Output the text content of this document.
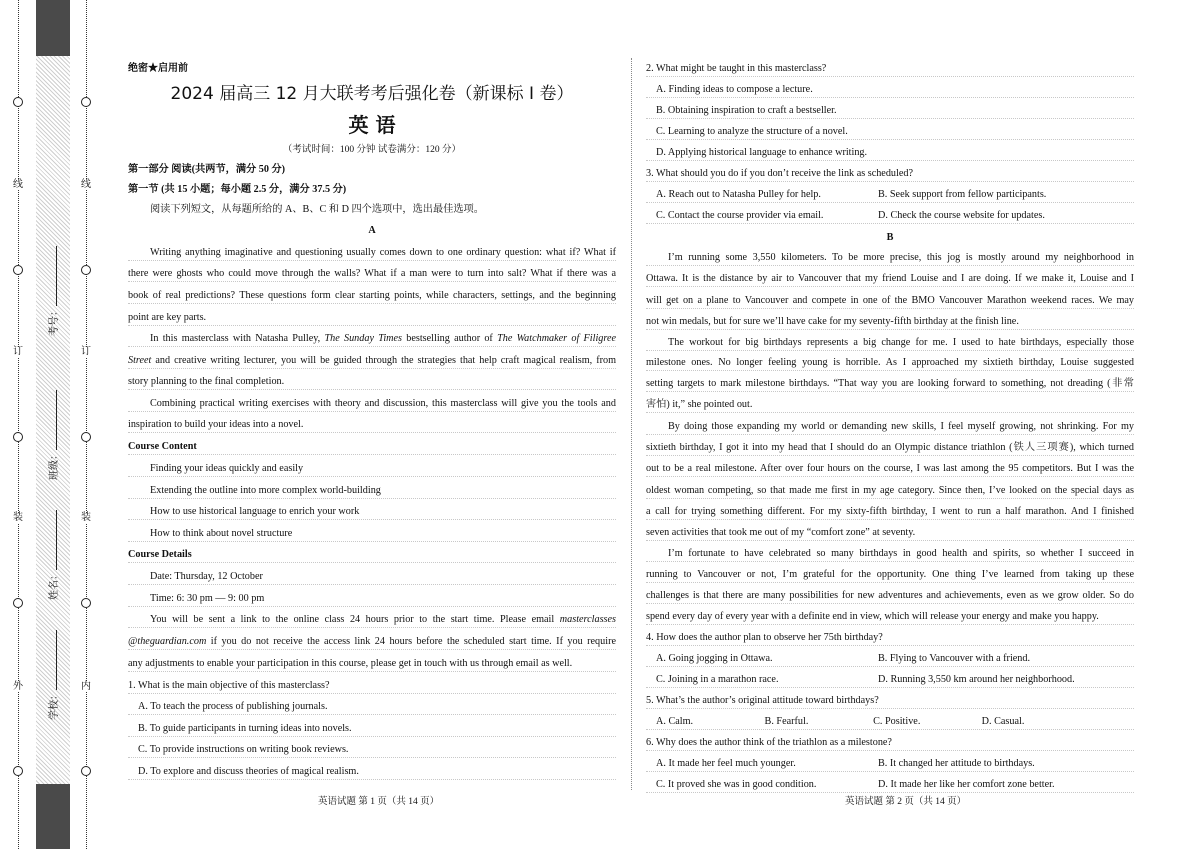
线
订
装
外
线
订
装
内
考号：
班级：
姓名：
学校：
绝密★启用前
2024 届高三 12 月大联考考后强化卷（新课标 I 卷）
英 语
（考试时间：100 分钟 试卷满分：120 分）
第一部分 阅读(共两节，满分 50 分)
第一节 (共 15 小题；每小题 2.5 分，满分 37.5 分)
阅读下列短文，从每题所给的 A、B、C 和 D 四个选项中，选出最佳选项。
A
Writing anything imaginative and questioning usually comes down to one ordinary question: what if? What if
there were ghosts who could move through the walls? What if a man were to turn into salt? What if there was a
book of real predictions? These questions form clear starting points, while characters, settings, and the beginning
point are key parts.
In this masterclass with Natasha Pulley, The Sunday Times bestselling author of The Watchmaker of Filigree
Street and creative writing lecturer, you will be guided through the strategies that help craft magical realism, from
story planning to the final completion.
Combining practical writing exercises with theory and discussion, this masterclass will give you the tools and
inspiration to build your ideas into a novel.
Course Content
Finding your ideas quickly and easily
Extending the outline into more complex world-building
How to use historical language to enrich your work
How to think about novel structure
Course Details
Date: Thursday, 12 October
Time: 6: 30 pm — 9: 00 pm
You will be sent a link to the online class 24 hours prior to the start time. Please email masterclasses
@theguardian.com if you do not receive the access link 24 hours before the scheduled start time. If you require
any adjustments to enable your participation in this course, please get in touch with us through email as well.
1. What is the main objective of this masterclass?
A. To teach the process of publishing journals.
B. To guide participants in turning ideas into novels.
C. To provide instructions on writing book reviews.
D. To explore and discuss theories of magical realism.
2. What might be taught in this masterclass?
A. Finding ideas to compose a lecture.
B. Obtaining inspiration to craft a bestseller.
C. Learning to analyze the structure of a novel.
D. Applying historical language to enhance writing.
3. What should you do if you don’t receive the link as scheduled?
A. Reach out to Natasha Pulley for help.	B. Seek support from fellow participants.
C. Contact the course provider via email.	D. Check the course website for updates.
B
I’m running some 3,550 kilometers. To be more precise, this jog is mostly around my neighborhood in
Ottawa. It is the distance by air to Vancouver that my friend Louise and I are doing. If we make it, Louise and I
will get on a plane to Vancouver and compete in one of the BMO Vancouver Marathon weekend races. We may
not win medals, but for sure we’ll have cake for my seventy-fifth birthday at the finish line.
The workout for big birthdays represents a big change for me. I used to hate birthdays, especially those
milestone ones. No longer feeling young is horrible. As I approached my sixtieth birthday, Louise suggested
setting targets to mark milestone birthdays. “That way you are looking forward to something, not dreading (非常
害怕) it,” she pointed out.
By doing those expanding my world or demanding new skills, I feel myself growing, not shrinking. For my
sixtieth birthday, I got it into my head that I should do an Olympic distance triathlon (铁人三项赛), which turned
out to be a real milestone. After over four hours on the course, I was last among the 95 competitors. But I was the
oldest woman competing, so that made me first in my age category. Since then, I’ve looked on the special days as
a call for trying something different. For my sixty-fifth birthday, I went to run a half marathon. And I finished
seven activities that took me out of my “comfort zone” at seventy.
I’m fortunate to have celebrated so many birthdays in good health and spirits, so whether I succeed in
running to Vancouver or not, I’m grateful for the opportunity. One thing I’ve learned from taking up these
challenges is that there are many possibilities for new adventures and achievements, even as we grow older. So do
spend every day of every year with a definite end in view, which will release your energy and make you happy.
4. How does the author plan to observe her 75th birthday?
A. Going jogging in Ottawa.	B. Flying to Vancouver with a friend.
C. Joining in a marathon race.	D. Running 3,550 km around her neighborhood.
5. What’s the author’s original attitude toward birthdays?
A. Calm.	B. Fearful.	C. Positive.	D. Casual.
6. Why does the author think of the triathlon as a milestone?
A. It made her feel much younger.	B. It changed her attitude to birthdays.
C. It proved she was in good condition.	D. It made her like her comfort zone better.
英语试题 第 1 页（共 14 页）	英语试题 第 2 页（共 14 页）
